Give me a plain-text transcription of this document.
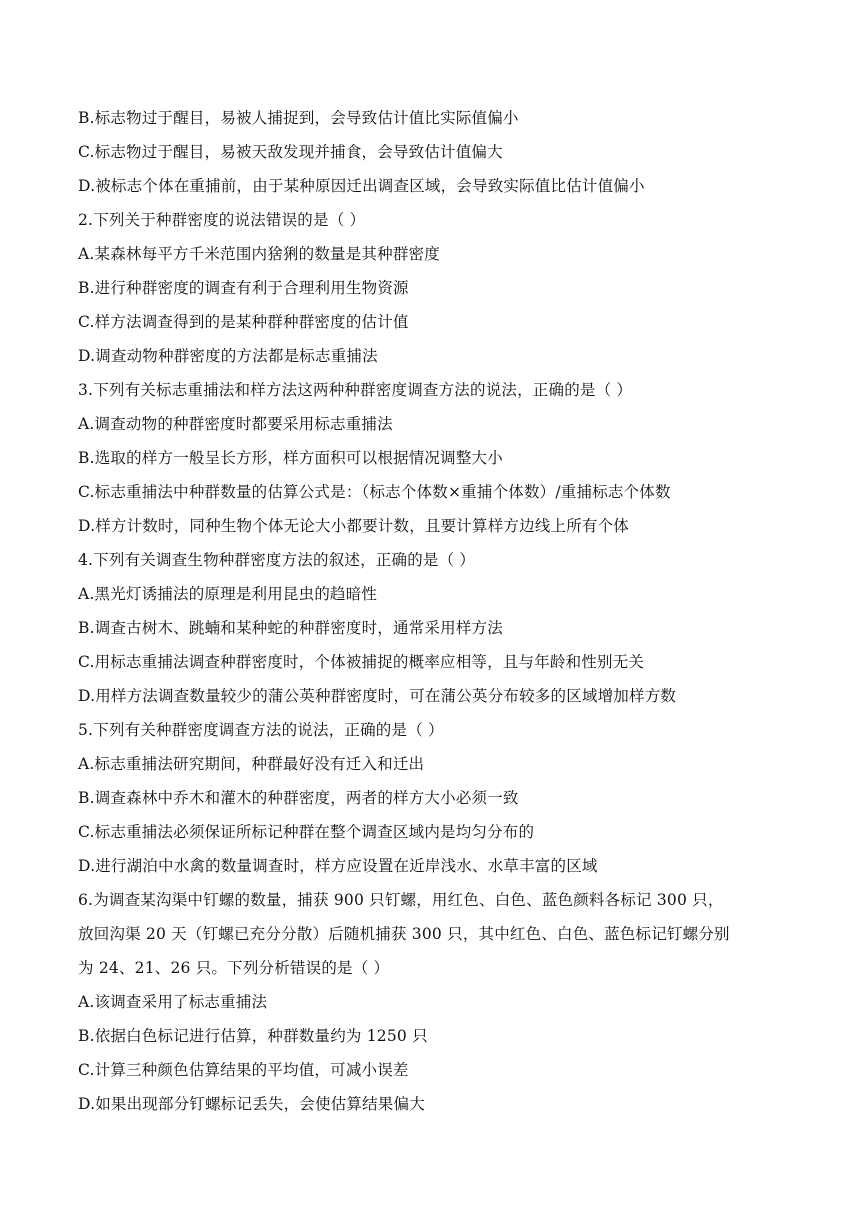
B.标志物过于醒目，易被人捕捉到，会导致估计值比实际值偏小
C.标志物过于醒目，易被天敌发现并捕食，会导致估计值偏大
D.被标志个体在重捕前，由于某种原因迁出调查区域，会导致实际值比估计值偏小
2.下列关于种群密度的说法错误的是（ ）
A.某森林每平方千米范围内猞猁的数量是其种群密度
B.进行种群密度的调查有利于合理利用生物资源
C.样方法调查得到的是某种群种群密度的估计值
D.调查动物种群密度的方法都是标志重捕法
3.下列有关标志重捕法和样方法这两种种群密度调查方法的说法，正确的是（ ）
A.调查动物的种群密度时都要采用标志重捕法
B.选取的样方一般呈长方形，样方面积可以根据情况调整大小
C.标志重捕法中种群数量的估算公式是：（标志个体数×重捕个体数）/重捕标志个体数
D.样方计数时，同种生物个体无论大小都要计数，且要计算样方边线上所有个体
4.下列有关调查生物种群密度方法的叙述，正确的是（ ）
A.黑光灯诱捕法的原理是利用昆虫的趋暗性
B.调查古树木、跳蝻和某种蛇的种群密度时，通常采用样方法
C.用标志重捕法调查种群密度时，个体被捕捉的概率应相等，且与年龄和性别无关
D.用样方法调查数量较少的蒲公英种群密度时，可在蒲公英分布较多的区域增加样方数
5.下列有关种群密度调查方法的说法，正确的是（ ）
A.标志重捕法研究期间，种群最好没有迁入和迁出
B.调查森林中乔木和灌木的种群密度，两者的样方大小必须一致
C.标志重捕法必须保证所标记种群在整个调查区域内是均匀分布的
D.进行湖泊中水禽的数量调查时，样方应设置在近岸浅水、水草丰富的区域
6.为调查某沟渠中钉螺的数量，捕获 900 只钉螺，用红色、白色、蓝色颜料各标记 300 只，
放回沟渠 20 天（钉螺已充分分散）后随机捕获 300 只，其中红色、白色、蓝色标记钉螺分别
为 24、21、26 只。下列分析错误的是（ ）
A.该调查采用了标志重捕法
B.依据白色标记进行估算，种群数量约为 1250 只
C.计算三种颜色估算结果的平均值，可减小误差
D.如果出现部分钉螺标记丢失，会使估算结果偏大
